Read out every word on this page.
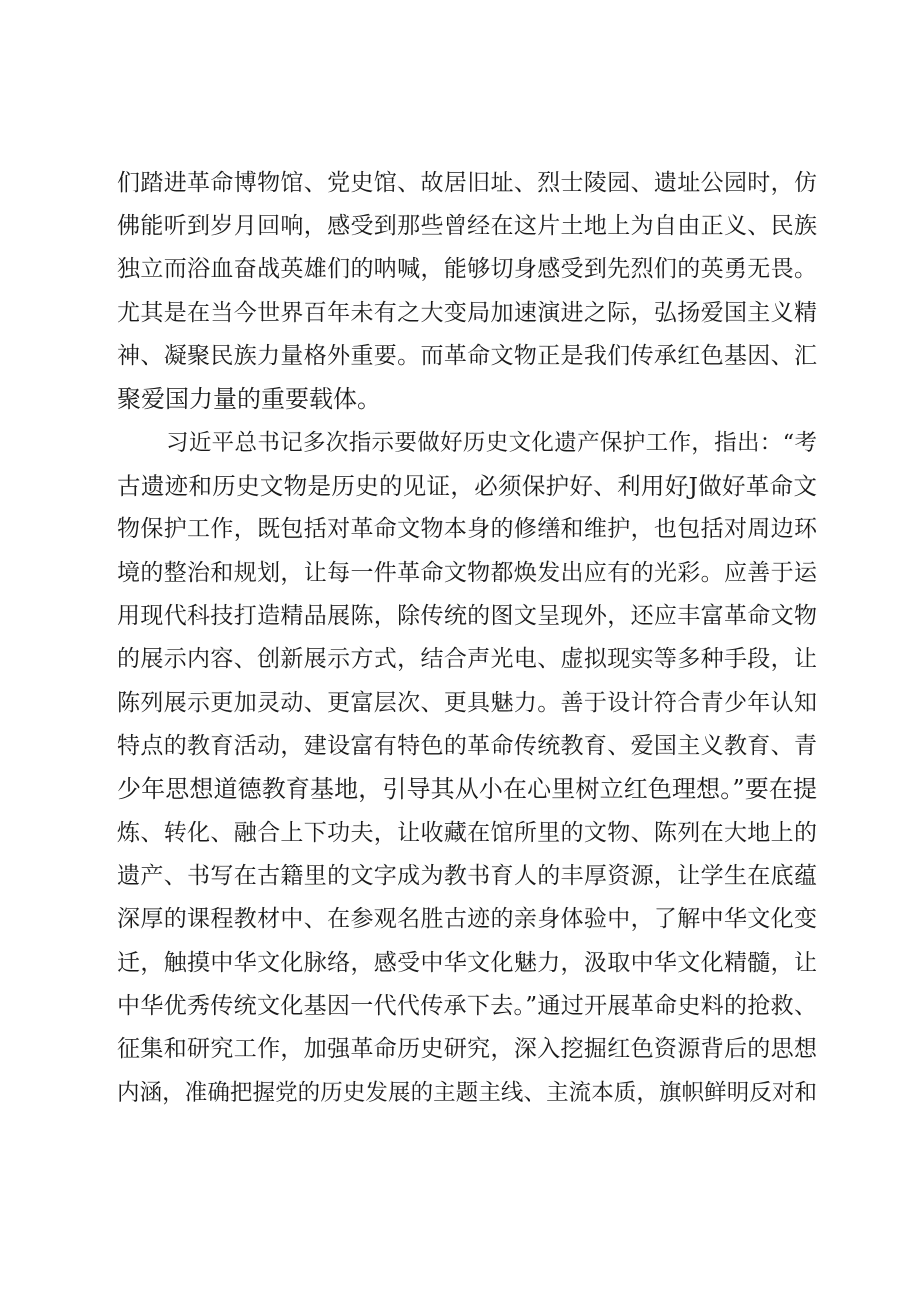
们踏进革命博物馆、党史馆、故居旧址、烈士陵园、遗址公园时，仿
佛能听到岁月回响，感受到那些曾经在这片土地上为自由正义、民族
独立而浴血奋战英雄们的呐喊，能够切身感受到先烈们的英勇无畏。
尤其是在当今世界百年未有之大变局加速演进之际，弘扬爱国主义精
神、凝聚民族力量格外重要。而革命文物正是我们传承红色基因、汇
聚爱国力量的重要载体。
习近平总书记多次指示要做好历史文化遗产保护工作，指出：“考
古遗迹和历史文物是历史的见证，必须保护好、利用好J做好革命文
物保护工作，既包括对革命文物本身的修缮和维护，也包括对周边环
境的整治和规划，让每一件革命文物都焕发出应有的光彩。应善于运
用现代科技打造精品展陈，除传统的图文呈现外，还应丰富革命文物
的展示内容、创新展示方式，结合声光电、虚拟现实等多种手段，让
陈列展示更加灵动、更富层次、更具魅力。善于设计符合青少年认知
特点的教育活动，建设富有特色的革命传统教育、爱国主义教育、青
少年思想道德教育基地，引导其从小在心里树立红色理想。”要在提
炼、转化、融合上下功夫，让收藏在馆所里的文物、陈列在大地上的
遗产、书写在古籍里的文字成为教书育人的丰厚资源，让学生在底蕴
深厚的课程教材中、在参观名胜古迹的亲身体验中，了解中华文化变
迁，触摸中华文化脉络，感受中华文化魅力，汲取中华文化精髓，让
中华优秀传统文化基因一代代传承下去。”通过开展革命史料的抢救、
征集和研究工作，加强革命历史研究，深入挖掘红色资源背后的思想
内涵，准确把握党的历史发展的主题主线、主流本质，旗帜鲜明反对和
